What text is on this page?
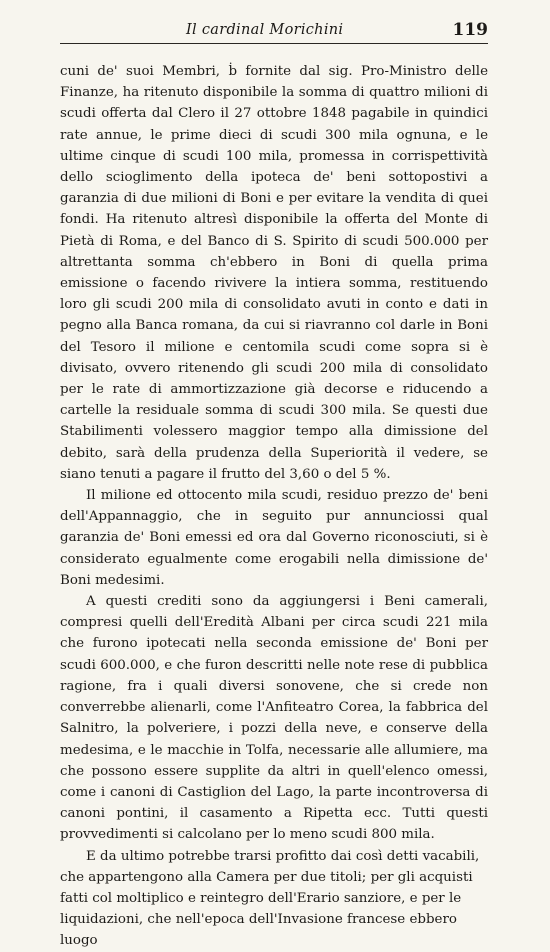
Il cardinal Morichini	119

cuni de' suoi Membri, ḃ fornite dal sig. Pro-Ministro delle Finanze, ha ritenuto disponibile la somma di quattro milioni di scudi offerta dal Clero il 27 ottobre 1848 pagabile in quindici rate annue, le prime dieci di scudi 300 mila ognuna, e le ultime cinque di scudi 100 mila, promessa in corrispettività dello scioglimento della ipoteca de' beni sottopostivi a garanzia di due milioni di Boni e per evitare la vendita di quei fondi. Ha ritenuto altresì disponibile la offerta del Monte di Pietà di Roma, e del Banco di S. Spirito di scudi 500.000 per altrettanta somma ch'ebbero in Boni di quella prima emissione o facendo rivivere la intiera somma, restituendo loro gli scudi 200 mila di consolidato avuti in conto e dati in pegno alla Banca romana, da cui si riavranno col darle in Boni del Tesoro il milione e centomila scudi come sopra si è divisato, ovvero ritenendo gli scudi 200 mila di consolidato per le rate di ammortizzazione già decorse e riducendo a cartelle la residuale somma di scudi 300 mila. Se questi due Stabilimenti volessero maggior tempo alla dimissione del debito, sarà della prudenza della Superiorità il vedere, se siano tenuti a pagare il frutto del 3,60 o del 5 %.

Il milione ed ottocento mila scudi, residuo prezzo de' beni dell'Appannaggio, che in seguito pur annunciossi qual garanzia de' Boni emessi ed ora dal Governo riconosciuti, si è considerato egualmente come erogabili nella dimissione de' Boni medesimi.

A questi crediti sono da aggiungersi i Beni camerali, compresi quelli dell'Eredità Albani per circa scudi 221 mila che furono ipotecati nella seconda emissione de' Boni per scudi 600.000, e che furon descritti nelle note rese di pubblica ragione, fra i quali diversi sonovene, che si crede non converrebbe alienarli, come l'Anfiteatro Corea, la fabbrica del Salnitro, la polveriere, i pozzi della neve, e conserve della medesima, e le macchie in Tolfa, necessarie alle allumiere, ma che possono essere supplite da altri in quell'elenco omessi, come i canoni di Castiglion del Lago, la parte incontroversa di canoni pontini, il casamento a Ripetta ecc. Tutti questi provvedimenti si calcolano per lo meno scudi 800 mila.

E da ultimo potrebbe trarsi profitto dai così detti vacabili, che appartengono alla Camera per due titoli; per gli acquisti fatti col moltiplico e reintegro dell'Erario sanziore, e per le liquidazioni, che nell'epoca dell'Invasione francese ebbero luogo
